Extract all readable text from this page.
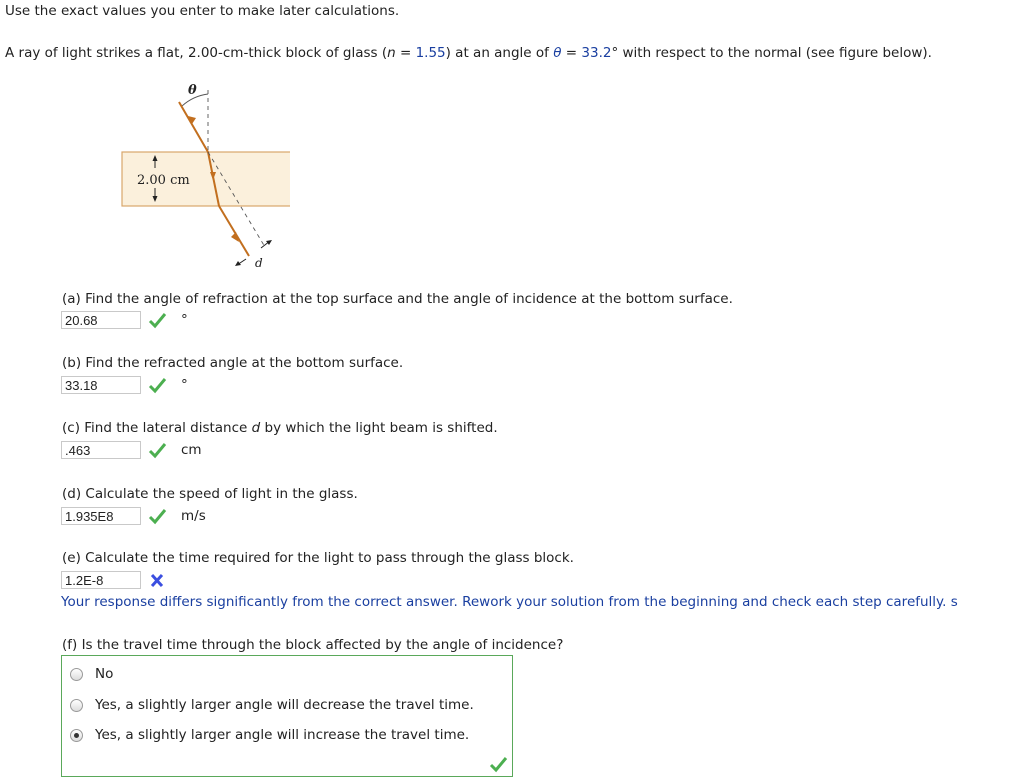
Use the exact values you enter to make later calculations.
A ray of light strikes a flat, 2.00-cm-thick block of glass (n = 1.55) at an angle of θ = 33.2° with respect to the normal (see figure below).
θ
d
2.00 cm
(a) Find the angle of refraction at the top surface and the angle of incidence at the bottom surface.
20.68	°
(b) Find the refracted angle at the bottom surface.
33.18	°
(c) Find the lateral distance d by which the light beam is shifted.
.463	cm
(d) Calculate the speed of light in the glass.
1.935E8	m/s
(e) Calculate the time required for the light to pass through the glass block.
1.2E-8
Your response differs significantly from the correct answer. Rework your solution from the beginning and check each step carefully. s
(f) Is the travel time through the block affected by the angle of incidence?
No
Yes, a slightly larger angle will decrease the travel time.
Yes, a slightly larger angle will increase the travel time.
